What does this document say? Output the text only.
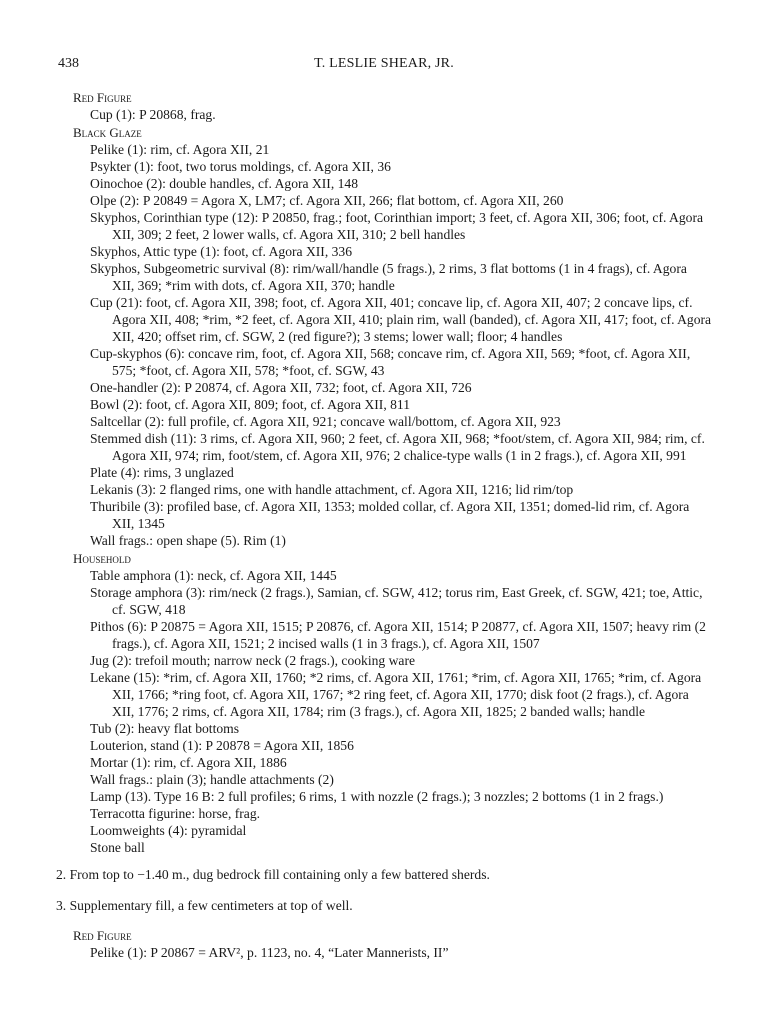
438	T. LESLIE SHEAR, JR.
Red Figure

Cup (1): P 20868, frag.

Black Glaze

Pelike (1): rim, cf. Agora XII, 21

Psykter (1): foot, two torus moldings, cf. Agora XII, 36

Oinochoe (2): double handles, cf. Agora XII, 148

Olpe (2): P 20849 = Agora X, LM7; cf. Agora XII, 266; flat bottom, cf. Agora XII, 260

Skyphos, Corinthian type (12): P 20850, frag.; foot, Corinthian import; 3 feet, cf. Agora XII, 306; foot, cf. Agora XII, 309; 2 feet, 2 lower walls, cf. Agora XII, 310; 2 bell handles

Skyphos, Attic type (1): foot, cf. Agora XII, 336

Skyphos, Subgeometric survival (8): rim/wall/handle (5 frags.), 2 rims, 3 flat bottoms (1 in 4 frags), cf. Agora XII, 369; *rim with dots, cf. Agora XII, 370; handle

Cup (21): foot, cf. Agora XII, 398; foot, cf. Agora XII, 401; concave lip, cf. Agora XII, 407; 2 concave lips, cf. Agora XII, 408; *rim, *2 feet, cf. Agora XII, 410; plain rim, wall (banded), cf. Agora XII, 417; foot, cf. Agora XII, 420; offset rim, cf. SGW, 2 (red figure?); 3 stems; lower wall; floor; 4 handles

Cup-skyphos (6): concave rim, foot, cf. Agora XII, 568; concave rim, cf. Agora XII, 569; *foot, cf. Agora XII, 575; *foot, cf. Agora XII, 578; *foot, cf. SGW, 43

One-handler (2): P 20874, cf. Agora XII, 732; foot, cf. Agora XII, 726

Bowl (2): foot, cf. Agora XII, 809; foot, cf. Agora XII, 811

Saltcellar (2): full profile, cf. Agora XII, 921; concave wall/bottom, cf. Agora XII, 923

Stemmed dish (11): 3 rims, cf. Agora XII, 960; 2 feet, cf. Agora XII, 968; *foot/stem, cf. Agora XII, 984; rim, cf. Agora XII, 974; rim, foot/stem, cf. Agora XII, 976; 2 chalice-type walls (1 in 2 frags.), cf. Agora XII, 991

Plate (4): rims, 3 unglazed

Lekanis (3): 2 flanged rims, one with handle attachment, cf. Agora XII, 1216; lid rim/top

Thuribile (3): profiled base, cf. Agora XII, 1353; molded collar, cf. Agora XII, 1351; domed-lid rim, cf. Agora XII, 1345

Wall frags.: open shape (5). Rim (1)

Household

Table amphora (1): neck, cf. Agora XII, 1445

Storage amphora (3): rim/neck (2 frags.), Samian, cf. SGW, 412; torus rim, East Greek, cf. SGW, 421; toe, Attic, cf. SGW, 418

Pithos (6): P 20875 = Agora XII, 1515; P 20876, cf. Agora XII, 1514; P 20877, cf. Agora XII, 1507; heavy rim (2 frags.), cf. Agora XII, 1521; 2 incised walls (1 in 3 frags.), cf. Agora XII, 1507

Jug (2): trefoil mouth; narrow neck (2 frags.), cooking ware

Lekane (15): *rim, cf. Agora XII, 1760; *2 rims, cf. Agora XII, 1761; *rim, cf. Agora XII, 1765; *rim, cf. Agora XII, 1766; *ring foot, cf. Agora XII, 1767; *2 ring feet, cf. Agora XII, 1770; disk foot (2 frags.), cf. Agora XII, 1776; 2 rims, cf. Agora XII, 1784; rim (3 frags.), cf. Agora XII, 1825; 2 banded walls; handle

Tub (2): heavy flat bottoms

Louterion, stand (1): P 20878 = Agora XII, 1856

Mortar (1): rim, cf. Agora XII, 1886

Wall frags.: plain (3); handle attachments (2)

Lamp (13). Type 16 B: 2 full profiles; 6 rims, 1 with nozzle (2 frags.); 3 nozzles; 2 bottoms (1 in 2 frags.)

Terracotta figurine: horse, frag.

Loomweights (4): pyramidal

Stone ball

2. From top to −1.40 m., dug bedrock fill containing only a few battered sherds.

3. Supplementary fill, a few centimeters at top of well.

Red Figure

Pelike (1): P 20867 = ARV², p. 1123, no. 4, “Later Mannerists, II”
